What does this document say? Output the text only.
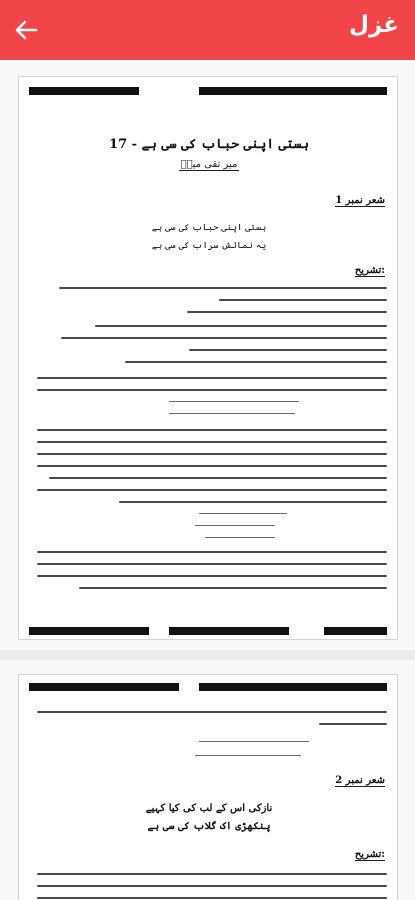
غزل
17 - ہستی اپنی حباب کی سی ہے
میر تقی میرؔ
شعر نمبر 1
ہستی اپنی حباب کی سی ہے
یہ نمائش سراب کی سی ہے
تشریح:
شعر نمبر 2
نازکی اس کے لب کی کیا کہیے
پنکھڑی اک گلاب کی سی ہے
تشریح:
